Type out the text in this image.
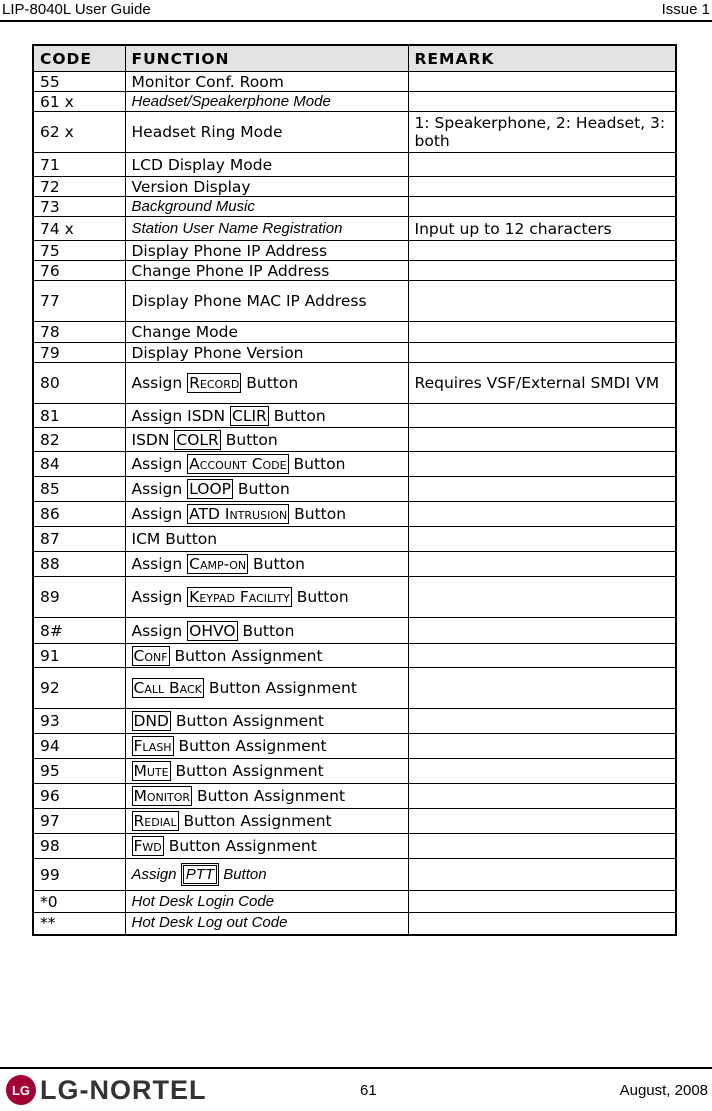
LIP-8040L User Guide	Issue 1
CODE	FUNCTION	REMARK
55	Monitor Conf. Room	
61 x	Headset/Speakerphone Mode	
62 x	Headset Ring Mode	1: Speakerphone, 2: Headset, 3: both
71	LCD Display Mode	
72	Version Display	
73	Background Music	
74 x	Station User Name Registration	Input up to 12 characters
75	Display Phone IP Address	
76	Change Phone IP Address	
77	Display Phone MAC IP Address	
78	Change Mode	
79	Display Phone Version	
80	Assign Record Button	Requires VSF/External SMDI VM
81	Assign ISDN CLIR Button	
82	ISDN COLR Button	
84	Assign Account Code Button	
85	Assign LOOP Button	
86	Assign ATD Intrusion Button	
87	ICM Button	
88	Assign Camp-on Button	
89	Assign Keypad Facility Button	
8#	Assign OHVO Button	
91	Conf Button Assignment	
92	Call Back Button Assignment	
93	DND Button Assignment	
94	Flash Button Assignment	
95	Mute Button Assignment	
96	Monitor Button Assignment	
97	Redial Button Assignment	
98	Fwd Button Assignment	
99	Assign PTT Button	
*0	Hot Desk Login Code	
**	Hot Desk Log out Code	
LG LG-NORTEL	61	August, 2008
